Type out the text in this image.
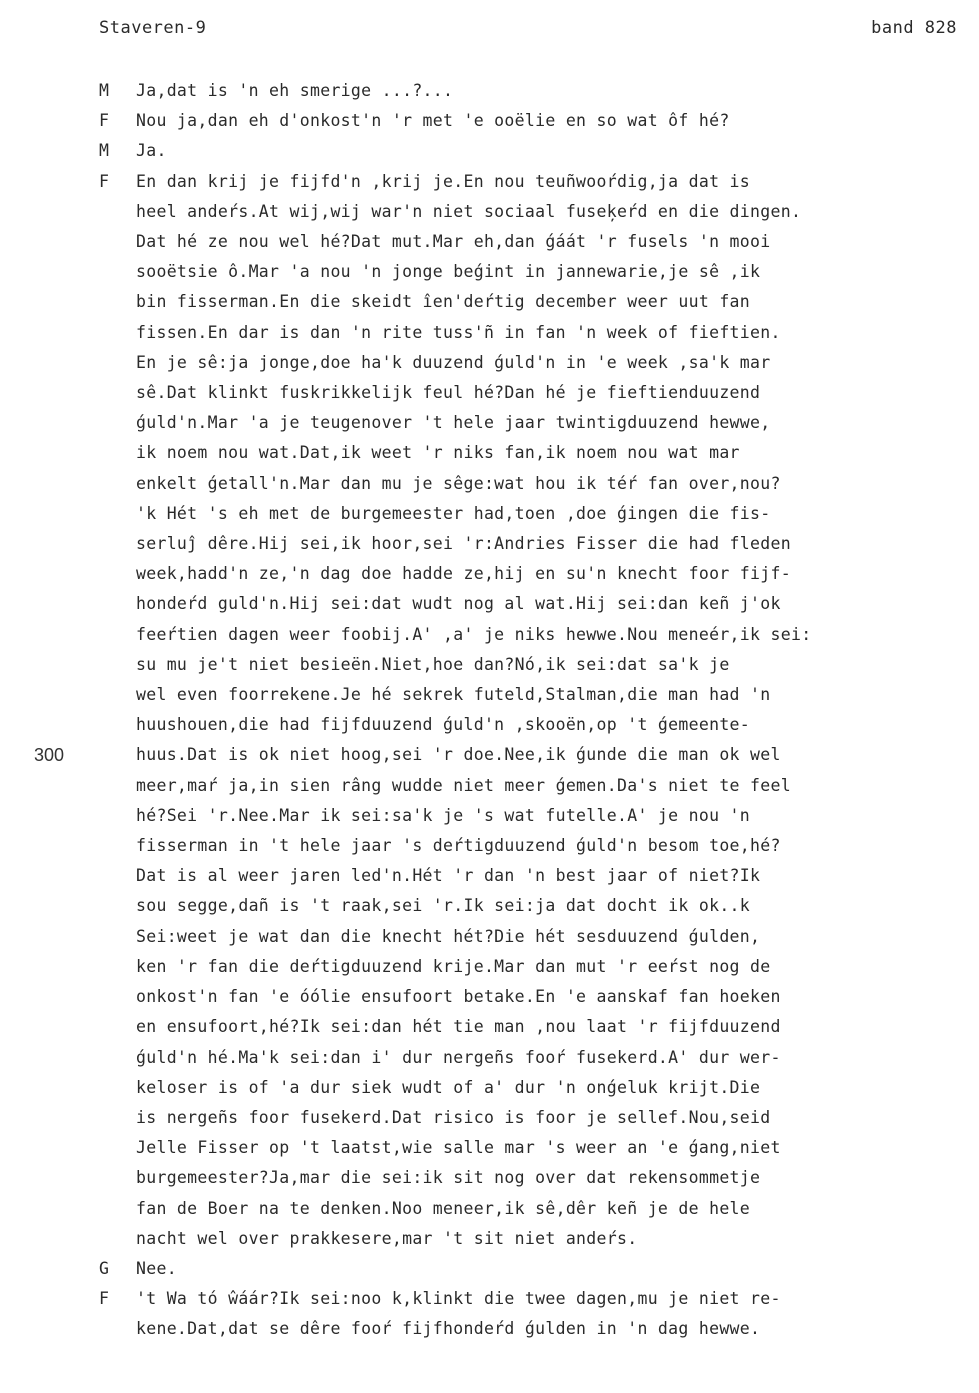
Staveren-9	band 828
300
M	Ja,dat is 'n eh smerige ...?...
F	Nou ja,dan eh d'onkost'n 'r met 'e ooëlie en so wat ôf hé?
M	Ja.
F	En dan krij je fijfd'n ,krij je.En nou teuñwooŕdig,ja dat is
heel andeŕs.At wij,wij war'n niet sociaal fuseķeŕd en die dingen.
Dat hé ze nou wel hé?Dat mut.Mar eh,dan ǵáát 'r fusels 'n mooi
sooëtsie ô.Mar 'a nou 'n jonge beǵint in jannewarie,je sê ,ik
bin fisserman.En die skeidt îen'deŕtig december weer uut fan
fissen.En dar is dan 'n rite tuss'ñ in fan 'n week of fieftien.
En je sê:ja jonge,doe ha'k duuzend ǵuld'n in 'e week ,sa'k mar
sê.Dat klinkt fuskrikkelijk feul hé?Dan hé je fieftienduuzend
ǵuld'n.Mar 'a je teugenover 't hele jaar twintigduuzend hewwe,
ik noem nou wat.Dat,ik weet 'r niks fan,ik noem nou wat mar
enkelt ǵetall'n.Mar dan mu je sêge:wat hou ik téŕ fan over,nou?
'k Hét 's eh met de burgemeester had,toen ,doe ǵingen die fis-
serluĵ dêre.Hij sei,ik hoor,sei 'r:Andries Fisser die had fleden
week,hadd'n ze,'n dag doe hadde ze,hij en su'n knecht foor fijf-
hondeŕd guld'n.Hij sei:dat wudt nog al wat.Hij sei:dan keñ j'ok
feeŕtien dagen weer foobij.A' ,a' je niks hewwe.Nou meneér,ik sei:
su mu je't niet besieën.Niet,hoe dan?Nó,ik sei:dat sa'k je
wel even foorrekene.Je hé sekrek futeld,Stalman,die man had 'n
huushouen,die had fijfduuzend ǵuld'n ,skooën,op 't ǵemeente-
huus.Dat is ok niet hoog,sei 'r doe.Nee,ik ǵunde die man ok wel
meer,maŕ ja,in sien râng wudde niet meer ǵemen.Da's niet te feel
hé?Sei 'r.Nee.Mar ik sei:sa'k je 's wat futelle.A' je nou 'n
fisserman in 't hele jaar 's deŕtigduuzend ǵuld'n besom toe,hé?
Dat is al weer jaren led'n.Hét 'r dan 'n best jaar of niet?Ik
sou segge,dañ is 't raak,sei 'r.Ik sei:ja dat docht ik ok..k
Sei:weet je wat dan die knecht hét?Die hét sesduuzend ǵulden,
ken 'r fan die deŕtigduuzend krije.Mar dan mut 'r eeŕst nog de
onkost'n fan 'e óólie ensufoort betake.En 'e aanskaf fan hoeken
en ensufoort,hé?Ik sei:dan hét tie man ,nou laat 'r fijfduuzend
ǵuld'n hé.Ma'k sei:dan i' dur nergeñs fooŕ fusekerd.A' dur wer-
keloser is of 'a dur siek wudt of a' dur 'n onǵeluk krijt.Die
is nergeñs foor fusekerd.Dat risico is foor je sellef.Nou,seid
Jelle Fisser op 't laatst,wie salle mar 's weer an 'e ǵang,niet
burgemeester?Ja,mar die sei:ik sit nog over dat rekensommetje
fan de Boer na te denken.Noo meneer,ik sê,dêr keñ je de hele
nacht wel over prakkesere,mar 't sit niet andeŕs.
G	Nee.
F	't Wa tó ŵáár?Ik sei:noo k,klinkt die twee dagen,mu je niet re-
kene.Dat,dat se dêre fooŕ fijfhondeŕd ǵulden in 'n dag hewwe.
